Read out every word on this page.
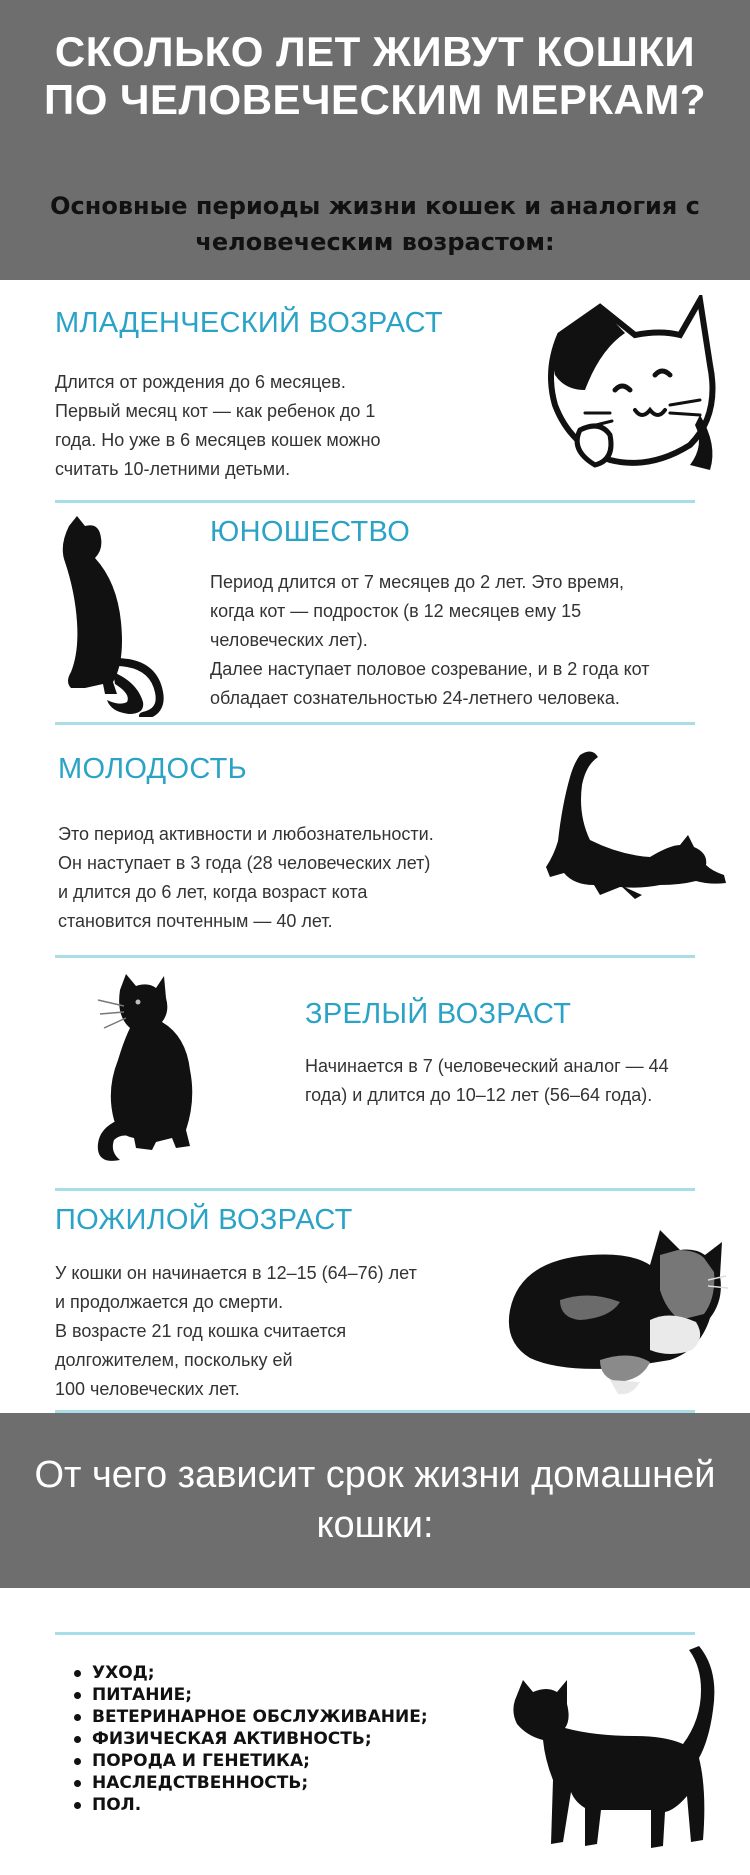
СКОЛЬКО ЛЕТ ЖИВУТ КОШКИ ПО ЧЕЛОВЕЧЕСКИМ МЕРКАМ?
Основные периоды жизни кошек и аналогия с человеческим возрастом:
МЛАДЕНЧЕСКИЙ ВОЗРАСТ

Длится от рождения до 6 месяцев.

Первый месяц кот — как ребенок до 1

года. Но уже в 6 месяцев кошек можно

считать 10-летними детьми.

ЮНОШЕСТВО

Период длится от 7 месяцев до 2 лет. Это время,

когда кот — подросток (в 12 месяцев ему 15

человеческих лет).

Далее наступает половое созревание, и в 2 года кот

обладает сознательностью 24-летнего человека.

МОЛОДОСТЬ

Это период активности и любознательности.

Он наступает в 3 года (28 человеческих лет)

и длится до 6 лет, когда возраст кота

становится почтенным — 40 лет.

ЗРЕЛЫЙ ВОЗРАСТ

Начинается в 7 (человеческий аналог — 44

года) и длится до 10–12 лет (56–64 года).

ПОЖИЛОЙ ВОЗРАСТ

У кошки он начинается в 12–15 (64–76) лет

и продолжается до смерти.

В возрасте 21 год кошка считается

долгожителем, поскольку ей

100 человеческих лет.

От чего зависит срок жизни домашней кошки:
УХОД;
ПИТАНИЕ;
ВЕТЕРИНАРНОЕ ОБСЛУЖИВАНИЕ;
ФИЗИЧЕСКАЯ АКТИВНОСТЬ;
ПОРОДА И ГЕНЕТИКА;
НАСЛЕДСТВЕННОСТЬ;
ПОЛ.
